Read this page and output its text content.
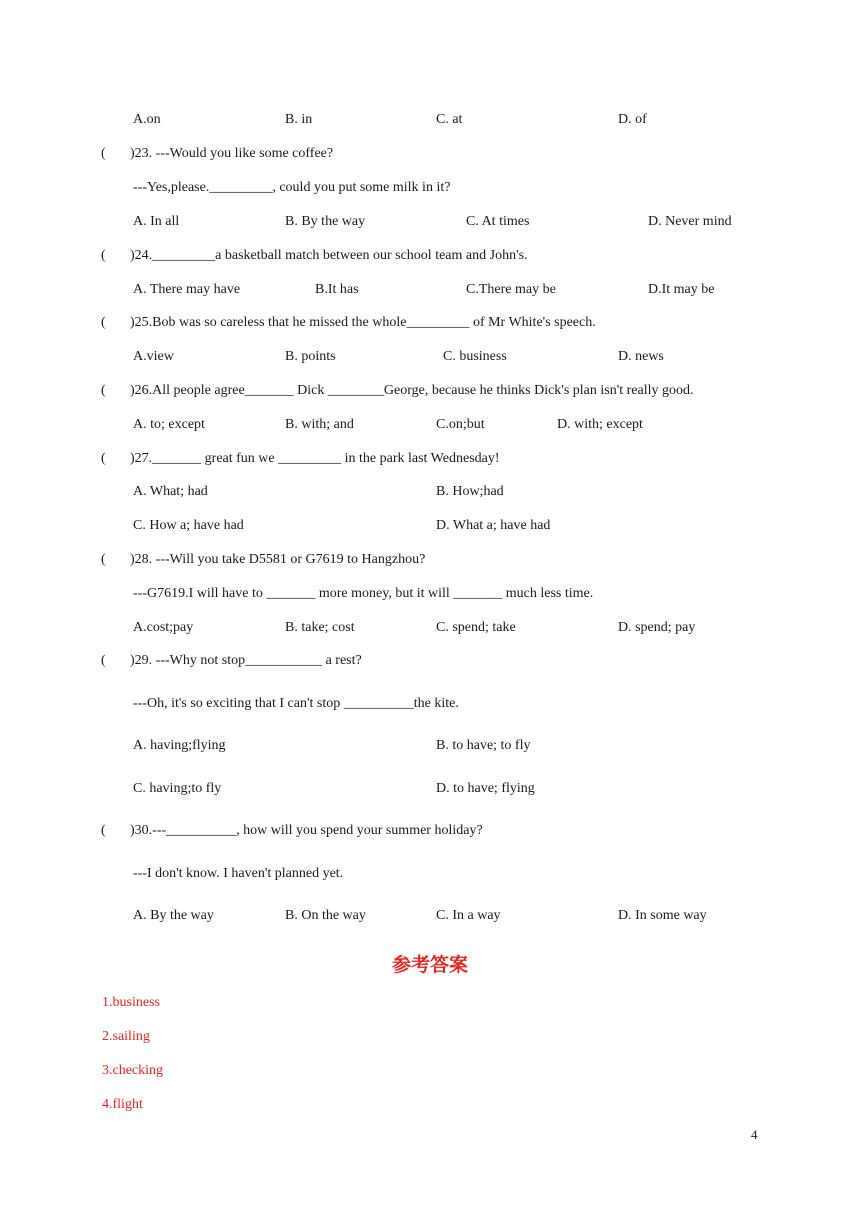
A.on	B. in	C. at	D. of
( )23. ---Would you like some coffee?
---Yes,please._________, could you put some milk in it?
A. In all	B. By the way	C. At times	D. Never mind
( )24._________a basketball match between our school team and John's.
A. There may have	B.It has	C.There may be	D.It may be
( )25.Bob was so careless that he missed the whole_________ of Mr White's speech.
A.view	B. points	C. business	D. news
( )26.All people agree_______ Dick ________George, because he thinks Dick's plan isn't really good.
A. to; except	B. with; and	C.on;but	D. with; except
( )27._______ great fun we _________ in the park last Wednesday!
A. What; had	B. How;had
C. How a; have had	D. What a; have had
( )28. ---Will you take D5581 or G7619 to Hangzhou?
---G7619.I will have to _______ more money, but it will _______ much less time.
A.cost;pay	B. take; cost	C. spend; take	D. spend; pay
( )29. ---Why not stop___________ a rest?
---Oh, it's so exciting that I can't stop __________the kite.
A. having;flying	B. to have; to fly
C. having;to fly	D. to have; flying
( )30.---__________, how will you spend your summer holiday?
---I don't know. I haven't planned yet.
A. By the way	B. On the way	C. In a way	D. In some way
参考答案
1.business
2.sailing
3.checking
4.flight
4
